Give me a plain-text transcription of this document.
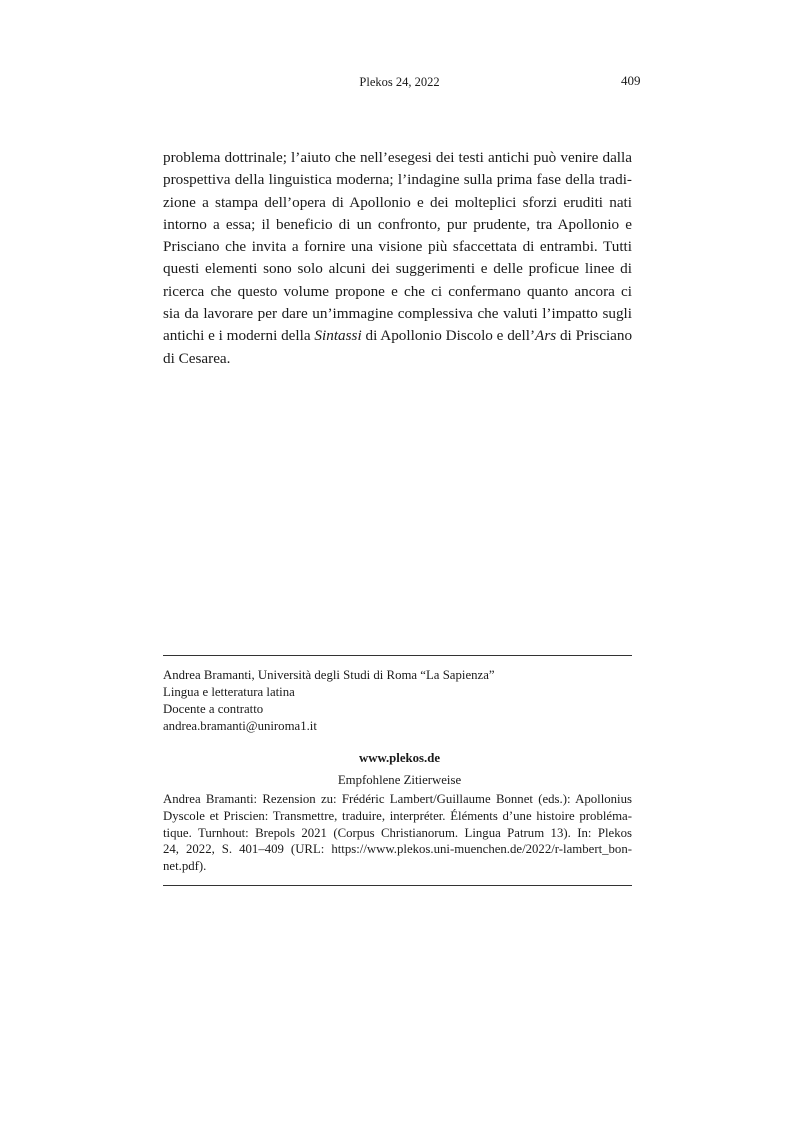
Plekos 24, 2022	409
problema dottrinale; l’aiuto che nell’esegesi dei testi antichi può venire dalla
prospettiva della linguistica moderna; l’indagine sulla prima fase della tradi-
zione a stampa dell’opera di Apollonio e dei molteplici sforzi eruditi nati
intorno a essa; il beneficio di un confronto, pur prudente, tra Apollonio e
Prisciano che invita a fornire una visione più sfaccettata di entrambi. Tutti
questi elementi sono solo alcuni dei suggerimenti e delle proficue linee di
ricerca che questo volume propone e che ci confermano quanto ancora ci
sia da lavorare per dare un’immagine complessiva che valuti l’impatto sugli
antichi e i moderni della Sintassi di Apollonio Discolo e dell’Ars di Prisciano
di Cesarea.
Andrea Bramanti, Università degli Studi di Roma “La Sapienza”
Lingua e letteratura latina
Docente a contratto
andrea.bramanti@uniroma1.it
www.plekos.de
Empfohlene Zitierweise
Andrea Bramanti: Rezension zu: Frédéric Lambert/Guillaume Bonnet (eds.): Apollonius
Dyscole et Priscien: Transmettre, traduire, interpréter. Éléments d’une histoire probléma-
tique. Turnhout: Brepols 2021 (Corpus Christianorum. Lingua Patrum 13). In: Plekos
24, 2022, S. 401–409 (URL: https://www.plekos.uni-muenchen.de/2022/r-lambert_bon-
net.pdf).
